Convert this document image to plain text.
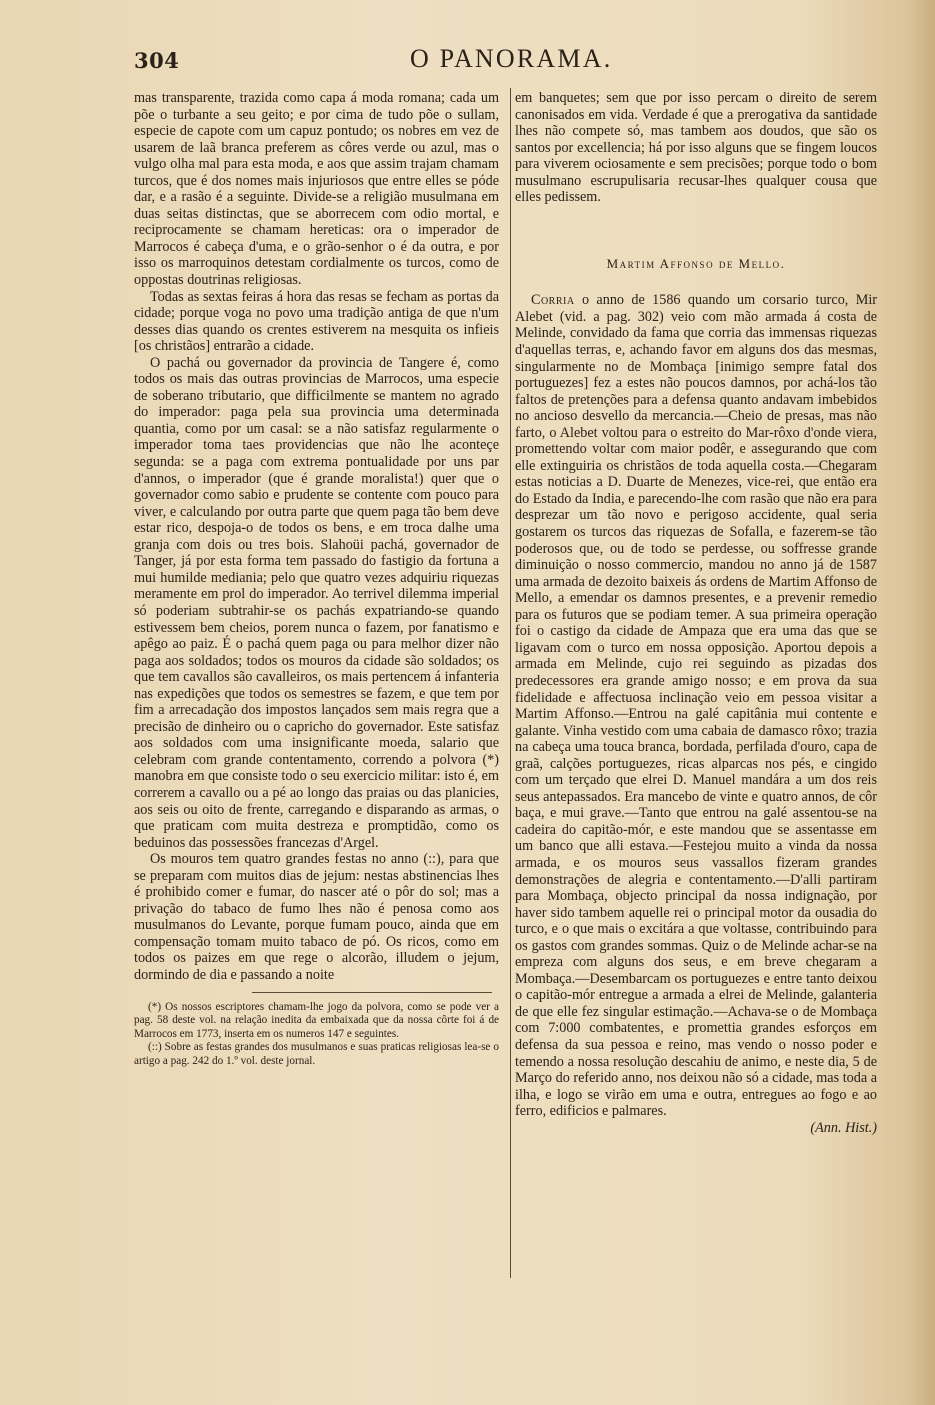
304	O PANORAMA.

mas transparente, trazida como capa á moda romana; cada um põe o turbante a seu geito; e por cima de tudo põe o sullam, especie de capote com um capuz pontudo; os nobres em vez de usarem de laã branca preferem as côres verde ou azul, mas o vulgo olha mal para esta moda, e aos que assim trajam chamam turcos, que é dos nomes mais injuriosos que entre elles se póde dar, e a rasão é a seguinte. Divide-se a religião musulmana em duas seitas distinctas, que se aborrecem com odio mortal, e reciprocamente se chamam hereticas: ora o imperador de Marrocos é cabeça d'uma, e o grão-senhor o é da outra, e por isso os marroquinos detestam cordialmente os turcos, como de oppostas doutrinas religiosas.

Todas as sextas feiras á hora das resas se fecham as portas da cidade; porque voga no povo uma tradição antiga de que n'um desses dias quando os crentes estiverem na mesquita os infieis [os christãos] entrarão a cidade.

O pachá ou governador da provincia de Tangere é, como todos os mais das outras provincias de Marrocos, uma especie de soberano tributario, que difficilmente se mantem no agrado do imperador: paga pela sua provincia uma determinada quantia, como por um casal: se a não satisfaz regularmente o imperador toma taes providencias que não lhe aconteçe segunda: se a paga com extrema pontualidade por uns par d'annos, o imperador (que é grande moralista!) quer que o governador como sabio e prudente se contente com pouco para viver, e calculando por outra parte que quem paga tão bem deve estar rico, despoja-o de todos os bens, e em troca dalhe uma granja com dois ou tres bois. Slahoüi pachá, governador de Tanger, já por esta forma tem passado do fastigio da fortuna a mui humilde mediania; pelo que quatro vezes adquiriu riquezas meramente em prol do imperador. Ao terrivel dilemma imperial só poderiam subtrahir-se os pachás expatriando-se quando estivessem bem cheios, porem nunca o fazem, por fanatismo e apêgo ao paiz. É o pachá quem paga ou para melhor dizer não paga aos soldados; todos os mouros da cidade são soldados; os que tem cavallos são cavalleiros, os mais pertencem á infanteria nas expedições que todos os semestres se fazem, e que tem por fim a arrecadação dos impostos lançados sem mais regra que a precisão de dinheiro ou o capricho do governador. Este satisfaz aos soldados com uma insignificante moeda, salario que celebram com grande contentamento, correndo a polvora (*) manobra em que consiste todo o seu exercicio militar: isto é, em correrem a cavallo ou a pé ao longo das praias ou das planicies, aos seis ou oito de frente, carregando e disparando as armas, o que praticam com muita destreza e promptidão, como os beduinos das possessões francezas d'Argel.

Os mouros tem quatro grandes festas no anno (::), para que se preparam com muitos dias de jejum: nestas abstinencias lhes é prohibido comer e fumar, do nascer até o pôr do sol; mas a privação do tabaco de fumo lhes não é penosa como aos musulmanos do Levante, porque fumam pouco, ainda que em compensação tomam muito tabaco de pó. Os ricos, como em todos os paizes em que rege o alcorão, illudem o jejum, dormindo de dia e passando a noite

(*) Os nossos escriptores chamam-lhe jogo da polvora, como se pode ver a pag. 58 deste vol. na relação inedita da embaixada que da nossa côrte foi á de Marrocos em 1773, inserta em os numeros 147 e seguintes.

(::) Sobre as festas grandes dos musulmanos e suas praticas religiosas lea-se o artigo a pag. 242 do 1.º vol. deste jornal.

em banquetes; sem que por isso percam o direito de serem canonisados em vida. Verdade é que a prerogativa da santidade lhes não compete só, mas tambem aos doudos, que são os santos por excellencia; há por isso alguns que se fingem loucos para viverem ociosamente e sem precisões; porque todo o bom musulmano escrupulisaria recusar-lhes qualquer cousa que elles pedissem.

Martim Affonso de Mello.

Corria o anno de 1586 quando um corsario turco, Mir Alebet (vid. a pag. 302) veio com mão armada á costa de Melinde, convidado da fama que corria das immensas riquezas d'aquellas terras, e, achando favor em alguns dos das mesmas, singularmente no de Mombaça [inimigo sempre fatal dos portuguezes] fez a estes não poucos damnos, por achá-los tão faltos de pretenções para a defensa quanto andavam imbebidos no ancioso desvello da mercancia.—Cheio de presas, mas não farto, o Alebet voltou para o estreito do Mar-rôxo d'onde viera, promettendo voltar com maior podêr, e assegurando que com elle extinguiria os christãos de toda aquella costa.—Chegaram estas noticias a D. Duarte de Menezes, vice-rei, que então era do Estado da India, e parecendo-lhe com rasão que não era para desprezar um tão novo e perigoso accidente, qual seria gostarem os turcos das riquezas de Sofalla, e fazerem-se tão poderosos que, ou de todo se perdesse, ou soffresse grande diminuição o nosso commercio, mandou no anno já de 1587 uma armada de dezoito baixeis ás ordens de Martim Affonso de Mello, a emendar os damnos presentes, e a prevenir remedio para os futuros que se podiam temer. A sua primeira operação foi o castigo da cidade de Ampaza que era uma das que se ligavam com o turco em nossa opposição. Aportou depois a armada em Melinde, cujo rei seguindo as pizadas dos predecessores era grande amigo nosso; e em prova da sua fidelidade e affectuosa inclinação veio em pessoa visitar a Martim Affonso.—Entrou na galé capitânia mui contente e galante. Vinha vestido com uma cabaia de damasco rôxo; trazia na cabeça uma touca branca, bordada, perfilada d'ouro, capa de graã, calções portuguezes, ricas alparcas nos pés, e cingido com um terçado que elrei D. Manuel mandára a um dos reis seus antepassados. Era mancebo de vinte e quatro annos, de côr baça, e mui grave.—Tanto que entrou na galé assentou-se na cadeira do capitão-mór, e este mandou que se assentasse em um banco que alli estava.—Festejou muito a vinda da nossa armada, e os mouros seus vassallos fizeram grandes demonstrações de alegria e contentamento.—D'alli partiram para Mombaça, objecto principal da nossa indignação, por haver sido tambem aquelle rei o principal motor da ousadia do turco, e o que mais o excitára a que voltasse, contribuindo para os gastos com grandes sommas. Quiz o de Melinde achar-se na empreza com alguns dos seus, e em breve chegaram a Mombaça.—Desembarcam os portuguezes e entre tanto deixou o capitão-mór entregue a armada a elrei de Melinde, galanteria de que elle fez singular estimação.—Achava-se o de Mombaça com 7:000 combatentes, e promettia grandes esforços em defensa da sua pessoa e reino, mas vendo o nosso poder e temendo a nossa resolução descahiu de animo, e neste dia, 5 de Março do referido anno, nos deixou não só a cidade, mas toda a ilha, e logo se virão em uma e outra, entregues ao fogo e ao ferro, edificios e palmares.

(Ann. Hist.)
